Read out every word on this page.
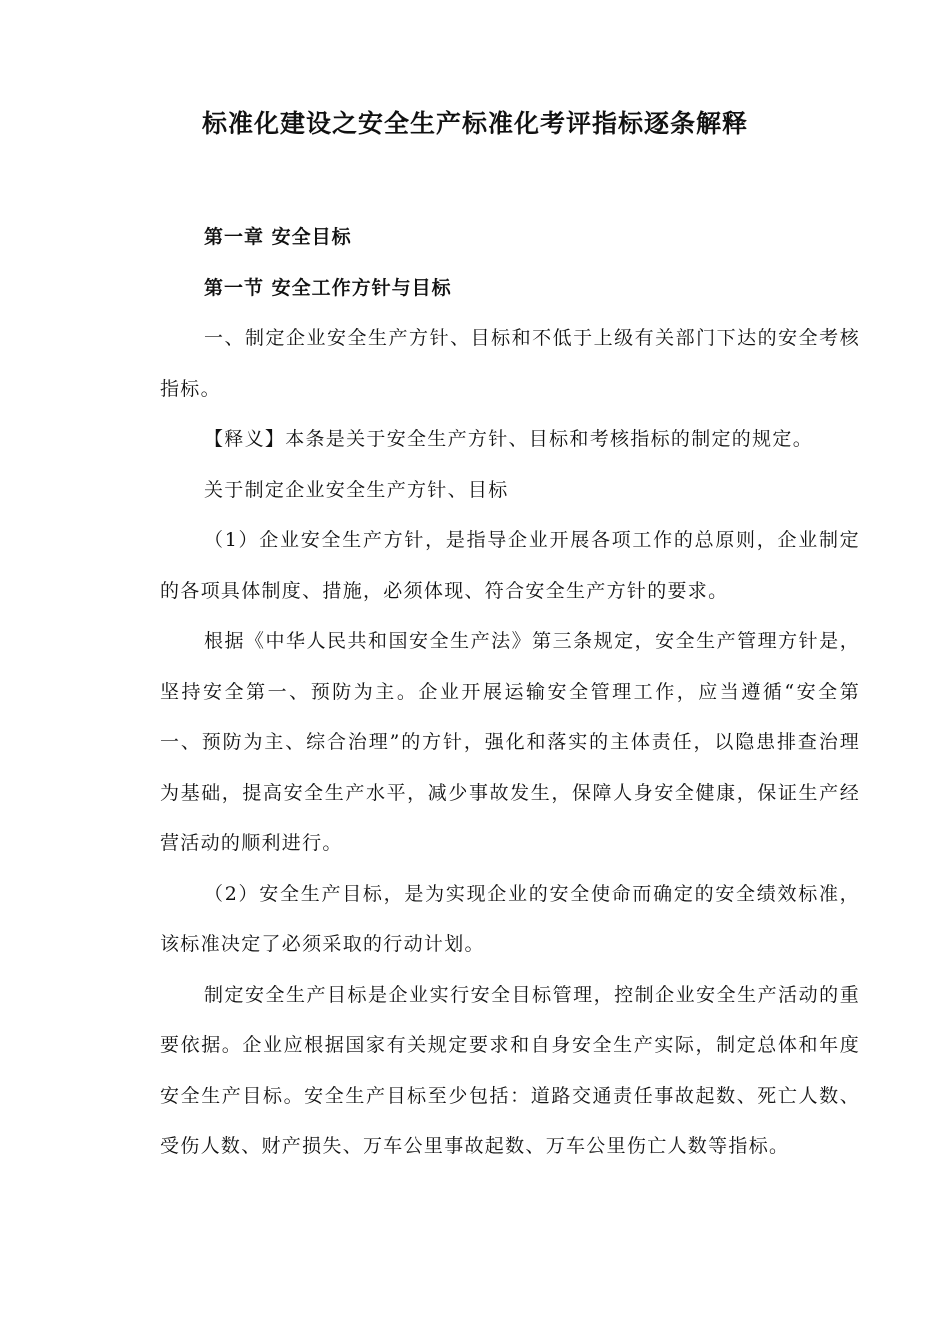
标准化建设之安全生产标准化考评指标逐条解释

第一章 安全目标

第一节 安全工作方针与目标

一、制定企业安全生产方针、目标和不低于上级有关部门下达的安全考核指标。

【释义】本条是关于安全生产方针、目标和考核指标的制定的规定。

关于制定企业安全生产方针、目标

（1）企业安全生产方针，是指导企业开展各项工作的总原则，企业制定的各项具体制度、措施，必须体现、符合安全生产方针的要求。

根据《中华人民共和国安全生产法》第三条规定，安全生产管理方针是，坚持安全第一、预防为主。企业开展运输安全管理工作，应当遵循“安全第一、预防为主、综合治理”的方针，强化和落实的主体责任，以隐患排查治理为基础，提高安全生产水平，减少事故发生，保障人身安全健康，保证生产经营活动的顺利进行。

（2）安全生产目标，是为实现企业的安全使命而确定的安全绩效标准，该标准决定了必须采取的行动计划。

制定安全生产目标是企业实行安全目标管理，控制企业安全生产活动的重要依据。企业应根据国家有关规定要求和自身安全生产实际，制定总体和年度安全生产目标。安全生产目标至少包括：道路交通责任事故起数、死亡人数、受伤人数、财产损失、万车公里事故起数、万车公里伤亡人数等指标。
